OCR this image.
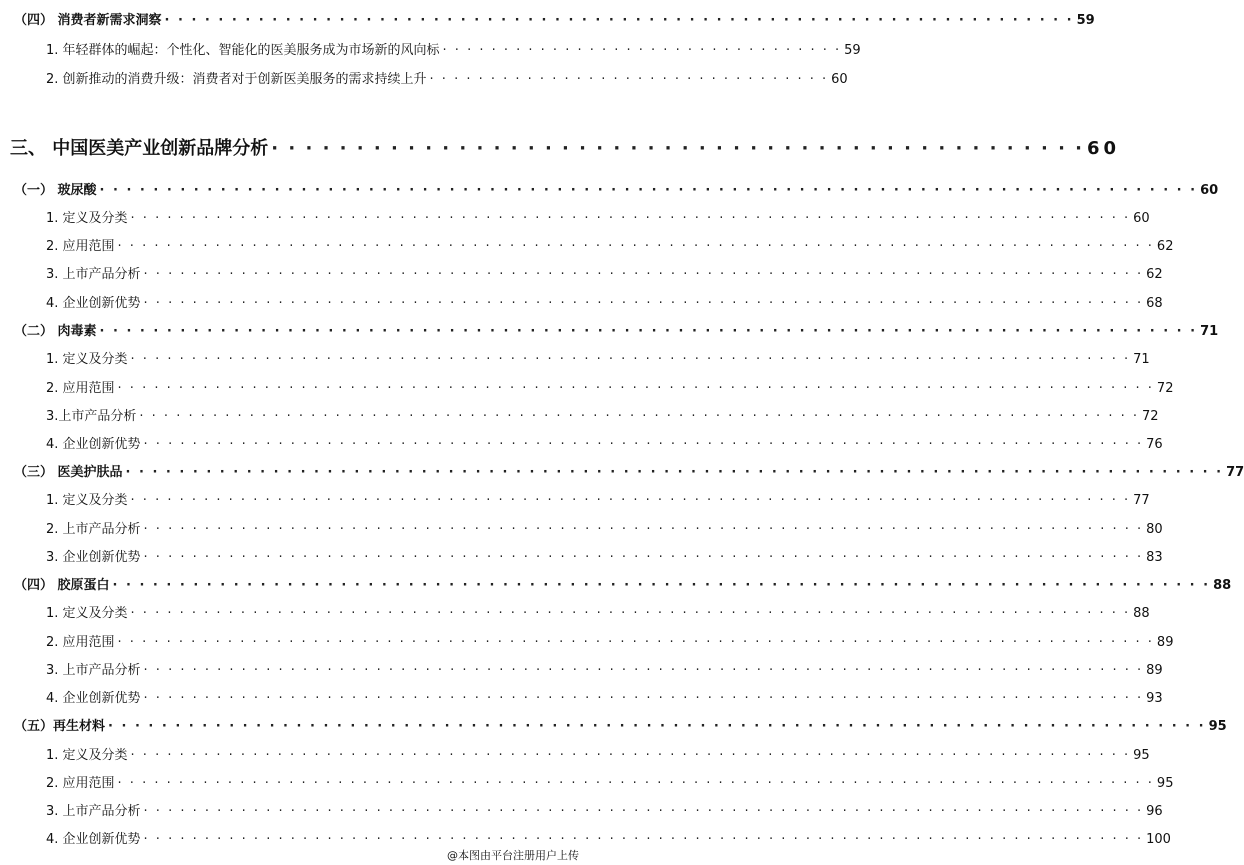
（四） 消费者新需求洞察 · · · · · · · · · · · · · · · · · · · · · · · · · · · · · · · · · · · · · · · · · · · · · · · · · · · · · · · · · · · · · · · · · · · · 59
1. 年轻群体的崛起：个性化、智能化的医美服务成为市场新的风向标 · · · · · · · · · · · · · · · · · · · · · · · · · · · · · · · · · 59
2. 创新推动的消费升级：消费者对于创新医美服务的需求持续上升 · · · · · · · · · · · · · · · · · · · · · · · · · · · · · · · · · 60
三、 中国医美产业创新品牌分析 · · · · · · · · · · · · · · · · · · · · · · · · · · · · · · · · · · · · · · · · · · · · · · · · 60
（一） 玻尿酸 · · · · · · · · · · · · · · · · · · · · · · · · · · · · · · · · · · · · · · · · · · · · · · · · · · · · · · · · · · · · · · · · · · · · · · · · · · · · · · · · · · 60
1. 定义及分类 · · · · · · · · · · · · · · · · · · · · · · · · · · · · · · · · · · · · · · · · · · · · · · · · · · · · · · · · · · · · · · · · · · · · · · · · · · · · · · · · · · 60
2. 应用范围 · · · · · · · · · · · · · · · · · · · · · · · · · · · · · · · · · · · · · · · · · · · · · · · · · · · · · · · · · · · · · · · · · · · · · · · · · · · · · · · · · · · · · 62
3. 上市产品分析 · · · · · · · · · · · · · · · · · · · · · · · · · · · · · · · · · · · · · · · · · · · · · · · · · · · · · · · · · · · · · · · · · · · · · · · · · · · · · · · · · · 62
4. 企业创新优势 · · · · · · · · · · · · · · · · · · · · · · · · · · · · · · · · · · · · · · · · · · · · · · · · · · · · · · · · · · · · · · · · · · · · · · · · · · · · · · · · · · 68
（二） 肉毒素 · · · · · · · · · · · · · · · · · · · · · · · · · · · · · · · · · · · · · · · · · · · · · · · · · · · · · · · · · · · · · · · · · · · · · · · · · · · · · · · · · · 71
1. 定义及分类 · · · · · · · · · · · · · · · · · · · · · · · · · · · · · · · · · · · · · · · · · · · · · · · · · · · · · · · · · · · · · · · · · · · · · · · · · · · · · · · · · · 71
2. 应用范围 · · · · · · · · · · · · · · · · · · · · · · · · · · · · · · · · · · · · · · · · · · · · · · · · · · · · · · · · · · · · · · · · · · · · · · · · · · · · · · · · · · · · · 72
3.上市产品分析 · · · · · · · · · · · · · · · · · · · · · · · · · · · · · · · · · · · · · · · · · · · · · · · · · · · · · · · · · · · · · · · · · · · · · · · · · · · · · · · · · · 72
4. 企业创新优势 · · · · · · · · · · · · · · · · · · · · · · · · · · · · · · · · · · · · · · · · · · · · · · · · · · · · · · · · · · · · · · · · · · · · · · · · · · · · · · · · · · 76
（三） 医美护肤品 · · · · · · · · · · · · · · · · · · · · · · · · · · · · · · · · · · · · · · · · · · · · · · · · · · · · · · · · · · · · · · · · · · · · · · · · · · · · · · · · · · 77
1. 定义及分类 · · · · · · · · · · · · · · · · · · · · · · · · · · · · · · · · · · · · · · · · · · · · · · · · · · · · · · · · · · · · · · · · · · · · · · · · · · · · · · · · · · 77
2. 上市产品分析 · · · · · · · · · · · · · · · · · · · · · · · · · · · · · · · · · · · · · · · · · · · · · · · · · · · · · · · · · · · · · · · · · · · · · · · · · · · · · · · · · · 80
3. 企业创新优势 · · · · · · · · · · · · · · · · · · · · · · · · · · · · · · · · · · · · · · · · · · · · · · · · · · · · · · · · · · · · · · · · · · · · · · · · · · · · · · · · · · 83
（四） 胶原蛋白 · · · · · · · · · · · · · · · · · · · · · · · · · · · · · · · · · · · · · · · · · · · · · · · · · · · · · · · · · · · · · · · · · · · · · · · · · · · · · · · · · · 88
1. 定义及分类 · · · · · · · · · · · · · · · · · · · · · · · · · · · · · · · · · · · · · · · · · · · · · · · · · · · · · · · · · · · · · · · · · · · · · · · · · · · · · · · · · · 88
2. 应用范围 · · · · · · · · · · · · · · · · · · · · · · · · · · · · · · · · · · · · · · · · · · · · · · · · · · · · · · · · · · · · · · · · · · · · · · · · · · · · · · · · · · · · · 89
3. 上市产品分析 · · · · · · · · · · · · · · · · · · · · · · · · · · · · · · · · · · · · · · · · · · · · · · · · · · · · · · · · · · · · · · · · · · · · · · · · · · · · · · · · · · 89
4. 企业创新优势 · · · · · · · · · · · · · · · · · · · · · · · · · · · · · · · · · · · · · · · · · · · · · · · · · · · · · · · · · · · · · · · · · · · · · · · · · · · · · · · · · · 93
（五）再生材料 · · · · · · · · · · · · · · · · · · · · · · · · · · · · · · · · · · · · · · · · · · · · · · · · · · · · · · · · · · · · · · · · · · · · · · · · · · · · · · · · · · 95
1. 定义及分类 · · · · · · · · · · · · · · · · · · · · · · · · · · · · · · · · · · · · · · · · · · · · · · · · · · · · · · · · · · · · · · · · · · · · · · · · · · · · · · · · · · 95
2. 应用范围 · · · · · · · · · · · · · · · · · · · · · · · · · · · · · · · · · · · · · · · · · · · · · · · · · · · · · · · · · · · · · · · · · · · · · · · · · · · · · · · · · · · · · 95
3. 上市产品分析 · · · · · · · · · · · · · · · · · · · · · · · · · · · · · · · · · · · · · · · · · · · · · · · · · · · · · · · · · · · · · · · · · · · · · · · · · · · · · · · · · · 96
4. 企业创新优势 · · · · · · · · · · · · · · · · · · · · · · · · · · · · · · · · · · · · · · · · · · · · · · · · · · · · · · · · · · · · · · · · · · · · · · · · · · · · · · · · · · 100
@本图由平台注册用户上传
